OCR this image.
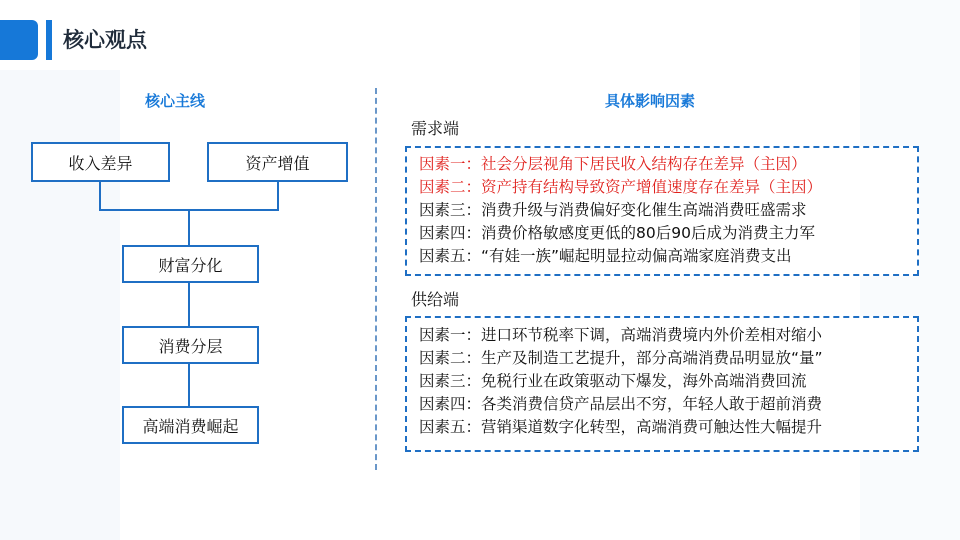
核心观点
核心主线
收入差异	资产增值
财富分化
消费分层
高端消费崛起
具体影响因素
需求端
因素一：社会分层视角下居民收入结构存在差异（主因）
因素二：资产持有结构导致资产增值速度存在差异（主因）
因素三：消费升级与消费偏好变化催生高端消费旺盛需求
因素四：消费价格敏感度更低的80后90后成为消费主力军
因素五：“有娃一族”崛起明显拉动偏高端家庭消费支出
供给端
因素一：进口环节税率下调，高端消费境内外价差相对缩小
因素二：生产及制造工艺提升，部分高端消费品明显放“量”
因素三：免税行业在政策驱动下爆发，海外高端消费回流
因素四：各类消费信贷产品层出不穷，年轻人敢于超前消费
因素五：营销渠道数字化转型，高端消费可触达性大幅提升
